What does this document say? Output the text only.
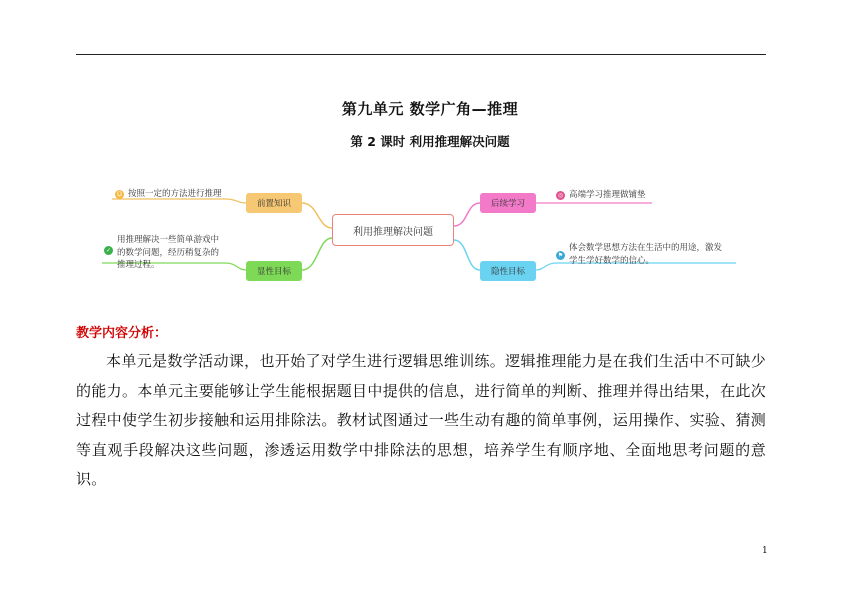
第九单元 数学广角—推理
第 2 课时 利用推理解决问题
利用推理解决问题
前置知识
☺ 按照一定的方法进行推理
显性目标
✓
用推理解决一些简单游戏中
的数学问题，经历稍复杂的
推理过程。
后续学习
◎ 高端学习推理做铺垫
隐性目标
⚑
体会数学思想方法在生活中的用途，激发
学生学好数学的信心。
教学内容分析：
本单元是数学活动课，也开始了对学生进行逻辑思维训练。逻辑推理能力是在我们生活中不可缺少的能力。本单元主要能够让学生能根据题目中提供的信息，进行简单的判断、推理并得出结果，在此次过程中使学生初步接触和运用排除法。教材试图通过一些生动有趣的简单事例，运用操作、实验、猜测等直观手段解决这些问题，渗透运用数学中排除法的思想，培养学生有顺序地、全面地思考问题的意识。
1
